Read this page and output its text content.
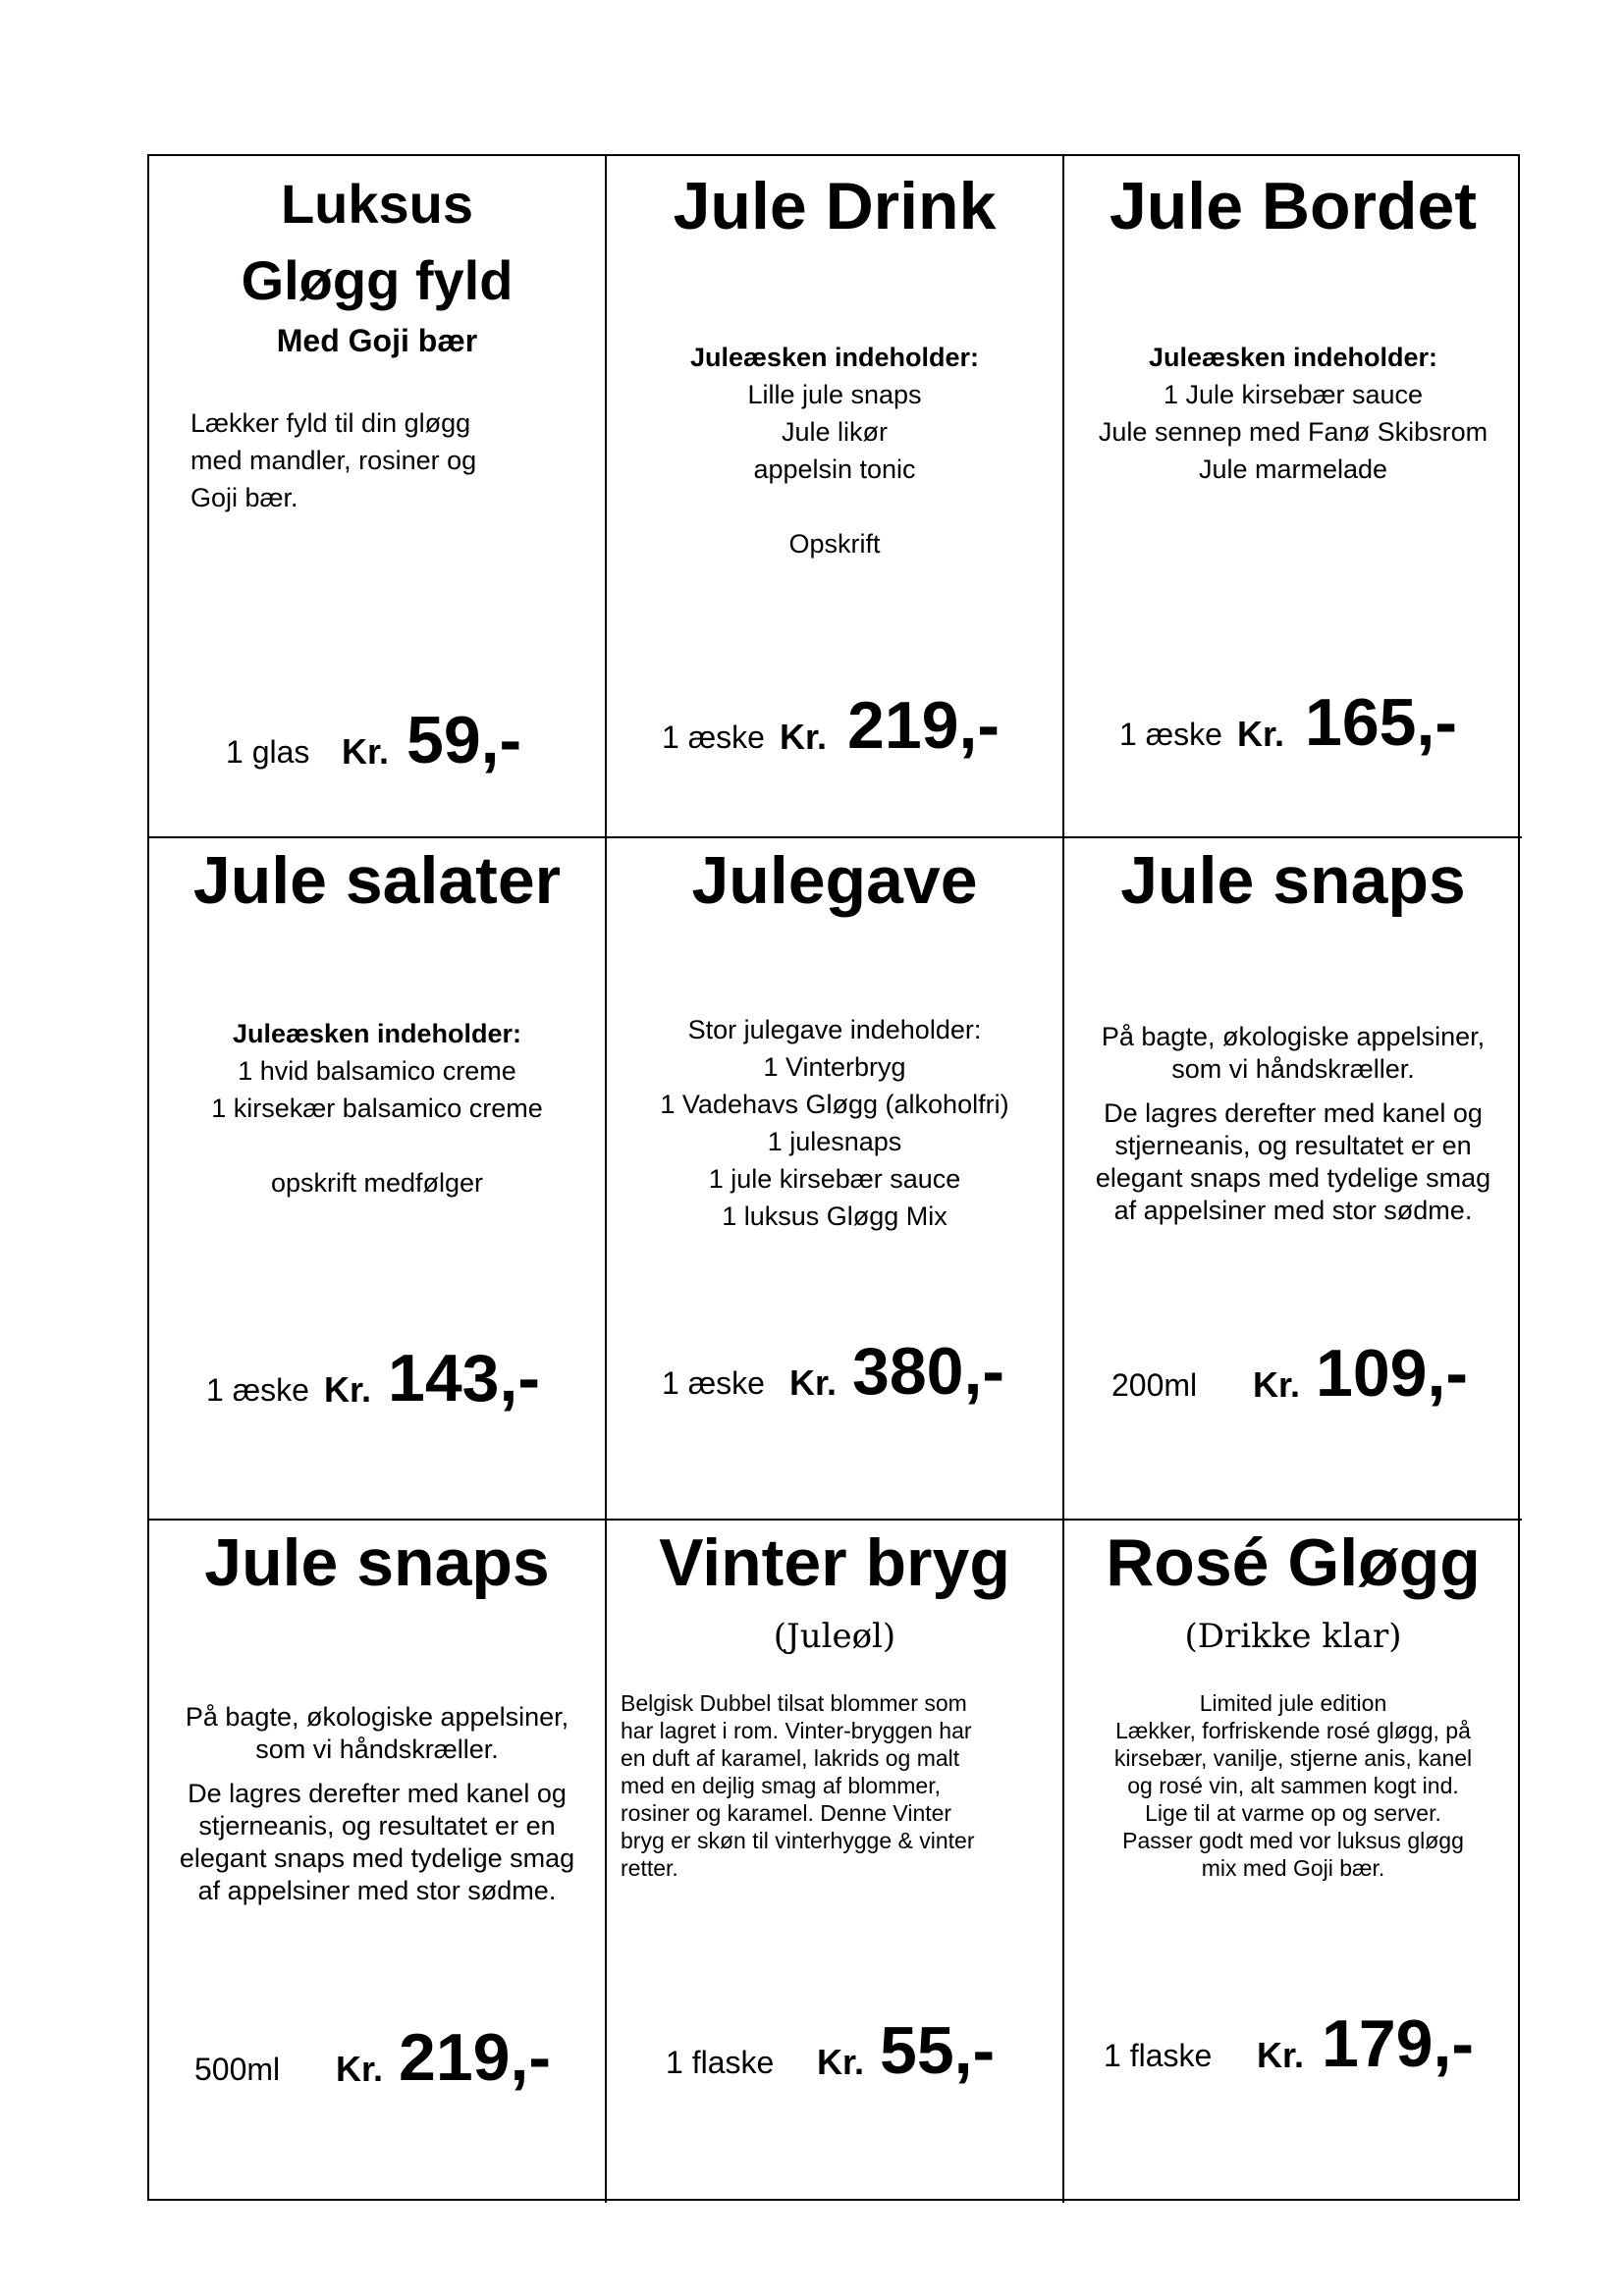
Luksus
Gløgg fyld
Med Goji bær
Lækker fyld til din gløgg
med mandler, rosiner og
Goji bær.
1 glas Kr. 59,-
Jule Drink
Juleæsken indeholder:
Lille jule snaps
Jule likør
appelsin tonic
Opskrift
1 æske Kr. 219,-
Jule Bordet
Juleæsken indeholder:
1 Jule kirsebær sauce
Jule sennep med Fanø Skibsrom
Jule marmelade
1 æske Kr. 165,-
Jule salater
Juleæsken indeholder:
1 hvid balsamico creme
1 kirsekær balsamico creme
opskrift medfølger
1 æske Kr. 143,-
Julegave
Stor julegave indeholder:
1 Vinterbryg
1 Vadehavs Gløgg (alkoholfri)
1 julesnaps
1 jule kirsebær sauce
1 luksus Gløgg Mix
1 æske Kr. 380,-
Jule snaps
På bagte, økologiske appelsiner,
som vi håndskræller.
De lagres derefter med kanel og
stjerneanis, og resultatet er en
elegant snaps med tydelige smag
af appelsiner med stor sødme.
200ml Kr. 109,-
Jule snaps
På bagte, økologiske appelsiner,
som vi håndskræller.
De lagres derefter med kanel og
stjerneanis, og resultatet er en
elegant snaps med tydelige smag
af appelsiner med stor sødme.
500ml Kr. 219,-
Vinter bryg
(Juleøl)
Belgisk Dubbel tilsat blommer som
har lagret i rom. Vinter-bryggen har
en duft af karamel, lakrids og malt
med en dejlig smag af blommer,
rosiner og karamel. Denne Vinter
bryg er skøn til vinterhygge & vinter
retter.
1 flaske Kr. 55,-
Rosé Gløgg
(Drikke klar)
Limited jule edition
Lækker, forfriskende rosé gløgg, på
kirsebær, vanilje, stjerne anis, kanel
og rosé vin, alt sammen kogt ind.
Lige til at varme op og server.
Passer godt med vor luksus gløgg
mix med Goji bær.
1 flaske Kr. 179,-
